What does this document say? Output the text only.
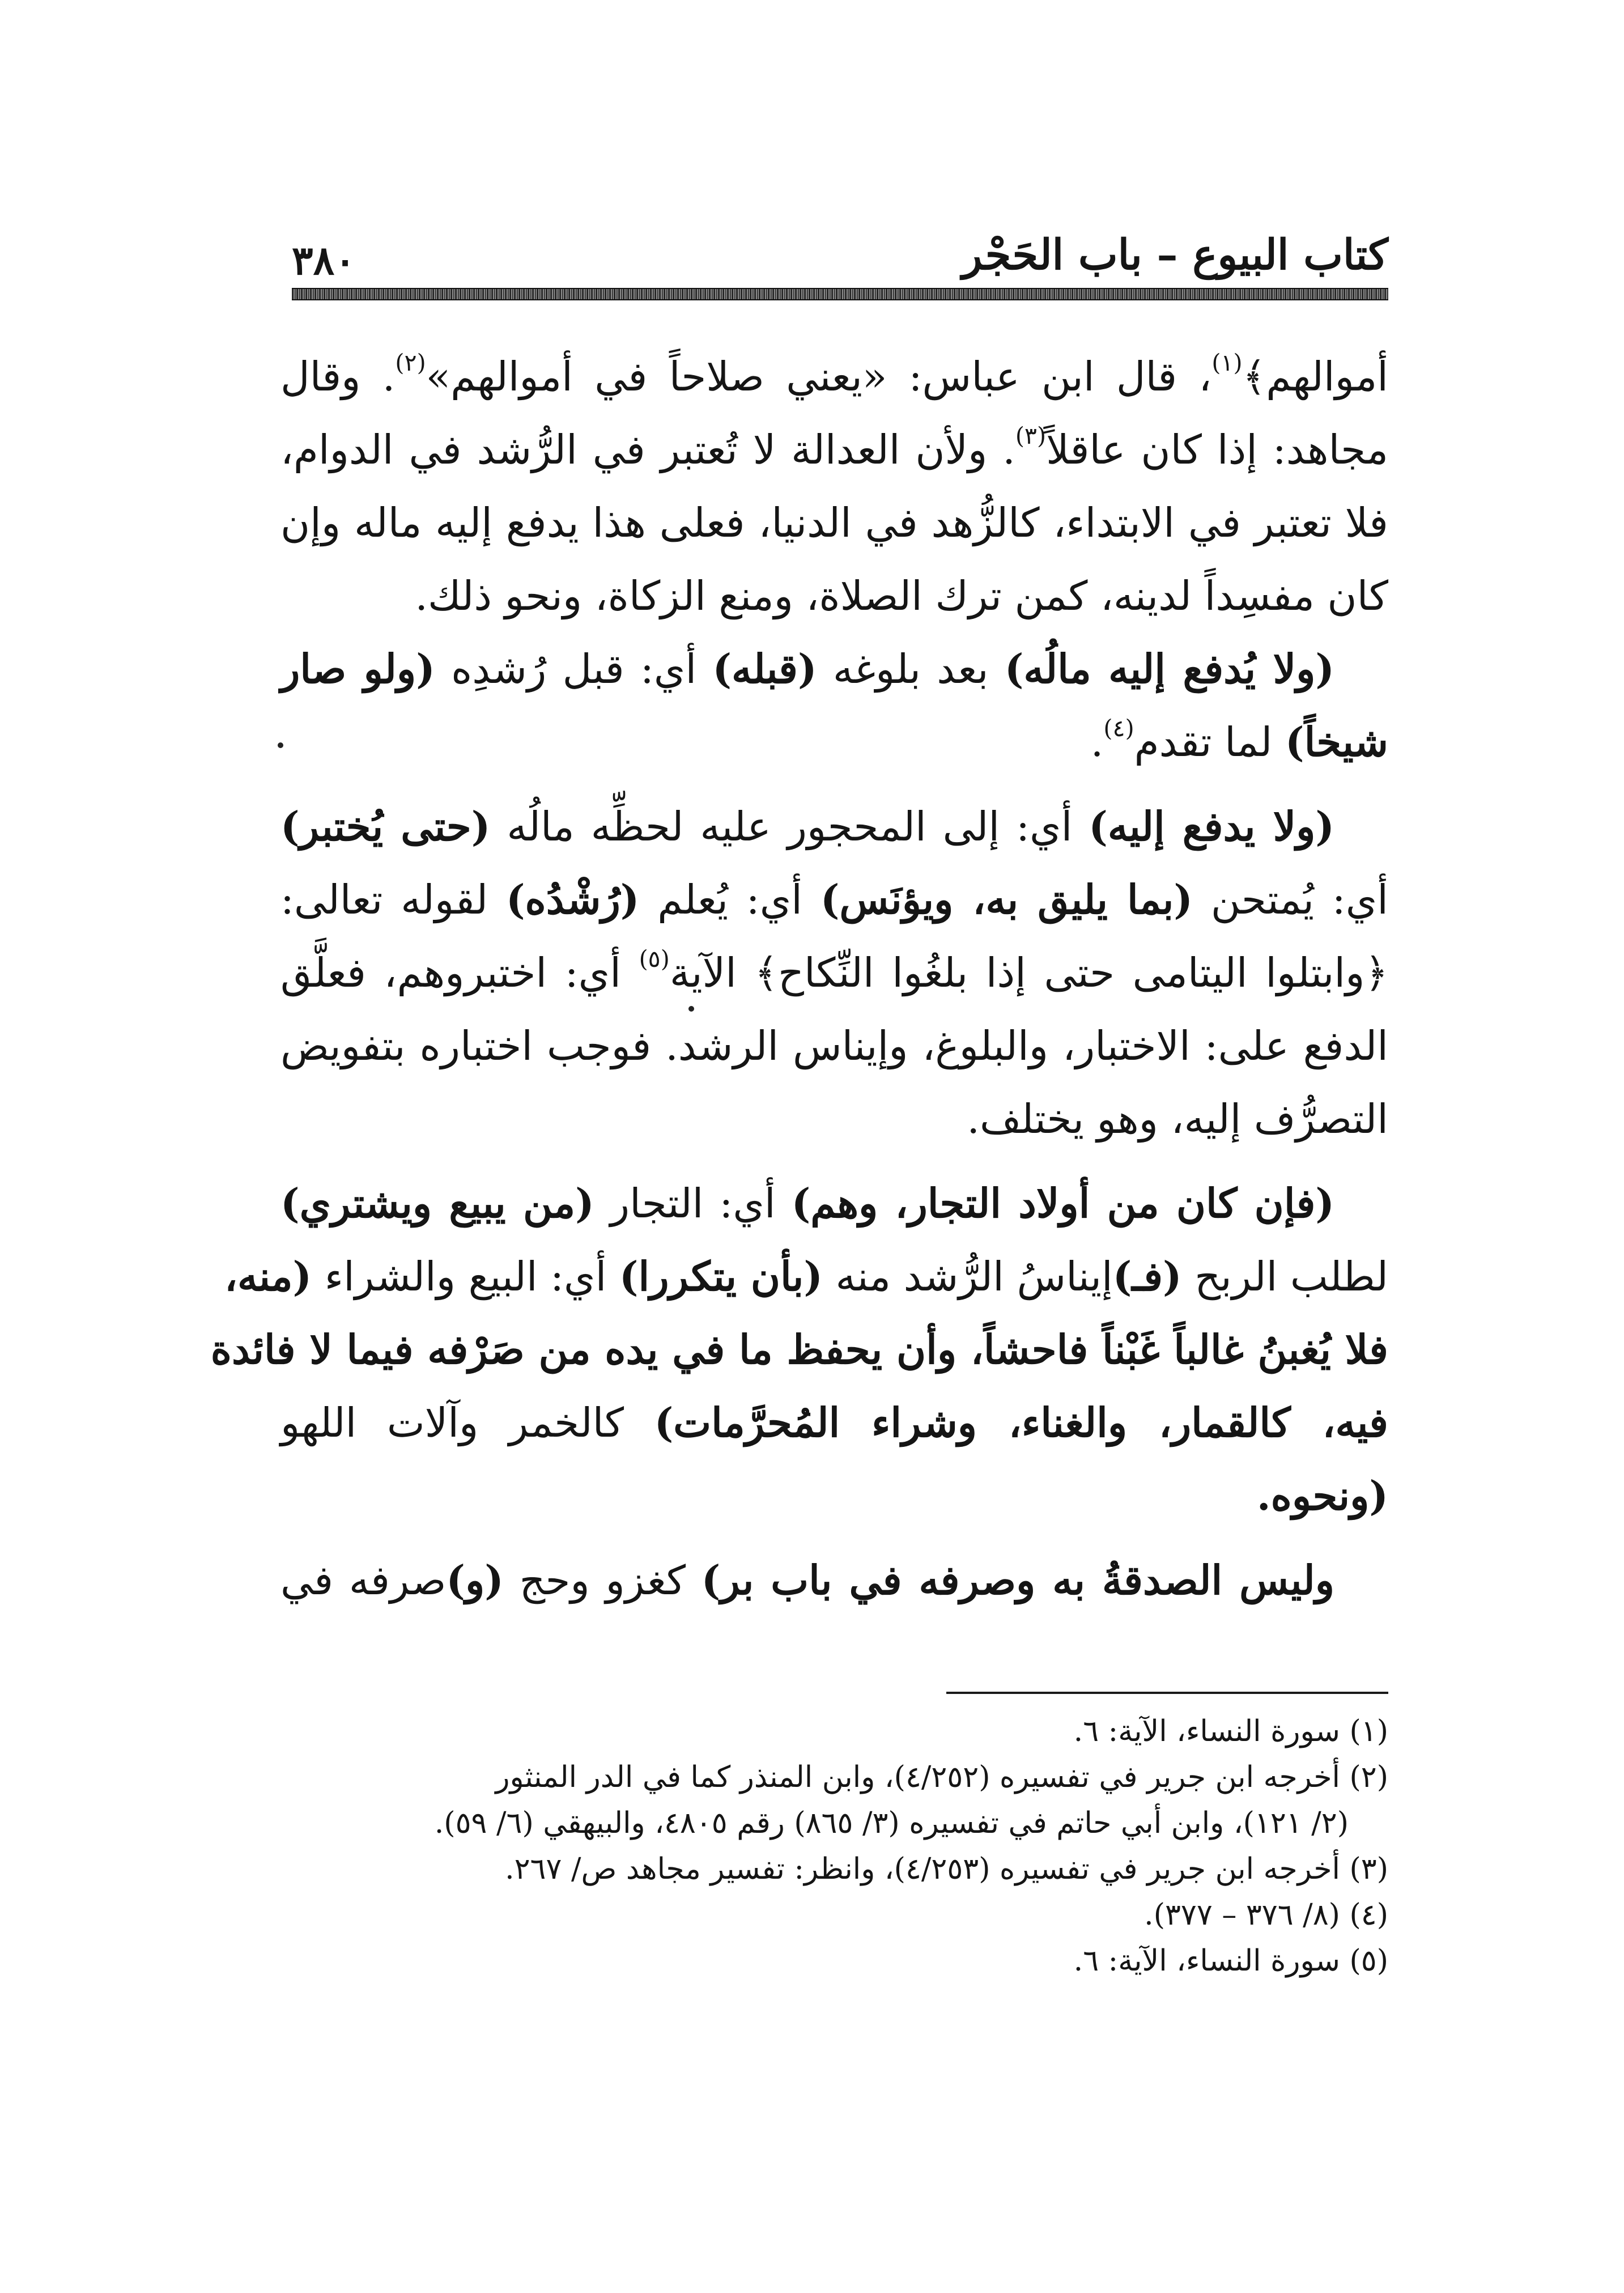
كتاب البيوع – باب الحَجْر
٣٨٠
أموالهم﴾$^{(١)}$، قال ابن عباس: «يعني صلاحاً في أموالهم»$^{(٢)}$. وقال
مجاهد: إذا كان عاقلاً$^{(٣)}$. ولأن العدالة لا تُعتبر في الرُّشد في الدوام،
فلا تعتبر في الابتداء، كالزُّهد في الدنيا، فعلى هذا يدفع إليه ماله وإن
كان مفسِداً لدينه، كمن ترك الصلاة، ومنع الزكاة، ونحو ذلك.
(ولا يُدفع إليه مالُه) بعد بلوغه (قبله) أي: قبل رُشدِه (ولو صار
شيخاً) لما تقدم$^{(٤)}$.
(ولا يدفع إليه) أي: إلى المحجور عليه لحظِّه مالُه (حتى يُختبر)
أي: يُمتحن (بما يليق به، ويؤنَس) أي: يُعلم (رُشْدُه) لقوله تعالى:
﴿وابتلوا اليتامى حتى إذا بلغُوا النِّكاح﴾ الآية$^{(٥)}$ أي: اختبروهم، فعلَّق
الدفع على: الاختبار، والبلوغ، وإيناس الرشد. فوجب اختباره بتفويض
التصرُّف إليه، وهو يختلف.
(فإن كان من أولاد التجار، وهم) أي: التجار (من يبيع ويشتري)
لطلب الربح (فـ)إيناسُ الرُّشد منه (بأن يتكررا) أي: البيع والشراء (منه،
فلا يُغبنُ غالباً غَبْناً فاحشاً، وأن يحفظ ما في يده من صَرْفه فيما لا فائدة
فيه، كالقمار، والغناء، وشراء المُحرَّمات) كالخمر وآلات اللهو
(ونحوه.
وليس الصدقةُ به وصرفه في باب بر) كغزو وحج (و)صرفه في
(١) سورة النساء، الآية: ٦.
(٢) أخرجه ابن جرير في تفسيره (٤/٢٥٢)، وابن المنذر كما في الدر المنثور
(٢/ ١٢١)، وابن أبي حاتم في تفسيره (٣/ ٨٦٥) رقم ٤٨٠٥، والبيهقي (٦/ ٥٩).
(٣) أخرجه ابن جرير في تفسيره (٤/٢٥٣)، وانظر: تفسير مجاهد ص/ ٢٦٧.
(٤) (٨/ ٣٧٦ – ٣٧٧).
(٥) سورة النساء، الآية: ٦.
